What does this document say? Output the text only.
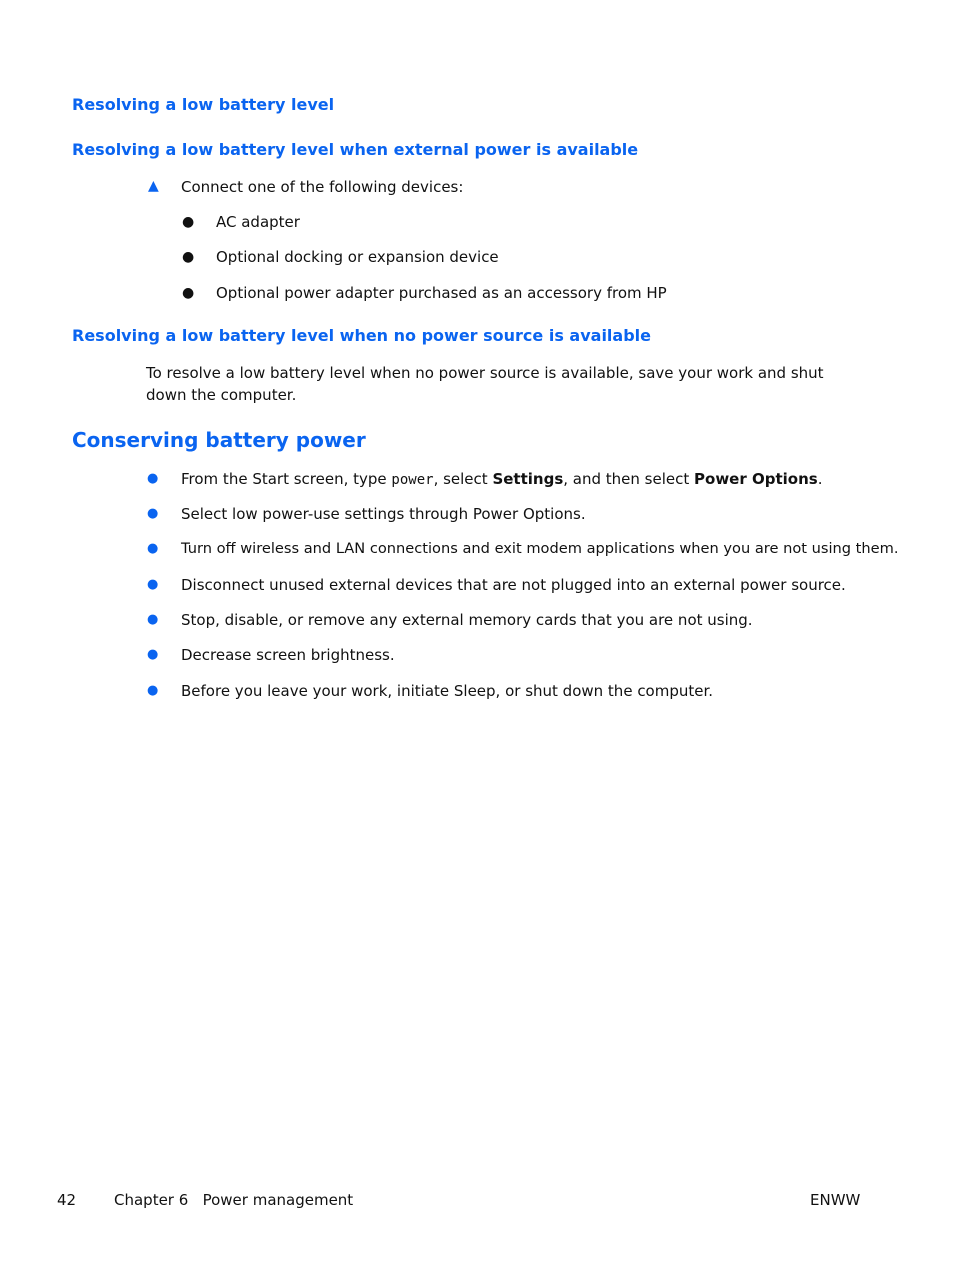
Resolving a low battery level
Resolving a low battery level when external power is available
▲ Connect one of the following devices:
● AC adapter
● Optional docking or expansion device
● Optional power adapter purchased as an accessory from HP
Resolving a low battery level when no power source is available

To resolve a low battery level when no power source is available, save your work and shut down the computer.

Conserving battery power
● From the Start screen, type power, select Settings, and then select Power Options.
● Select low power-use settings through Power Options.
● Turn off wireless and LAN connections and exit modem applications when you are not using them.
● Disconnect unused external devices that are not plugged into an external power source.
● Stop, disable, or remove any external memory cards that you are not using.
● Decrease screen brightness.
● Before you leave your work, initiate Sleep, or shut down the computer.
42	Chapter 6   Power management	ENWW
